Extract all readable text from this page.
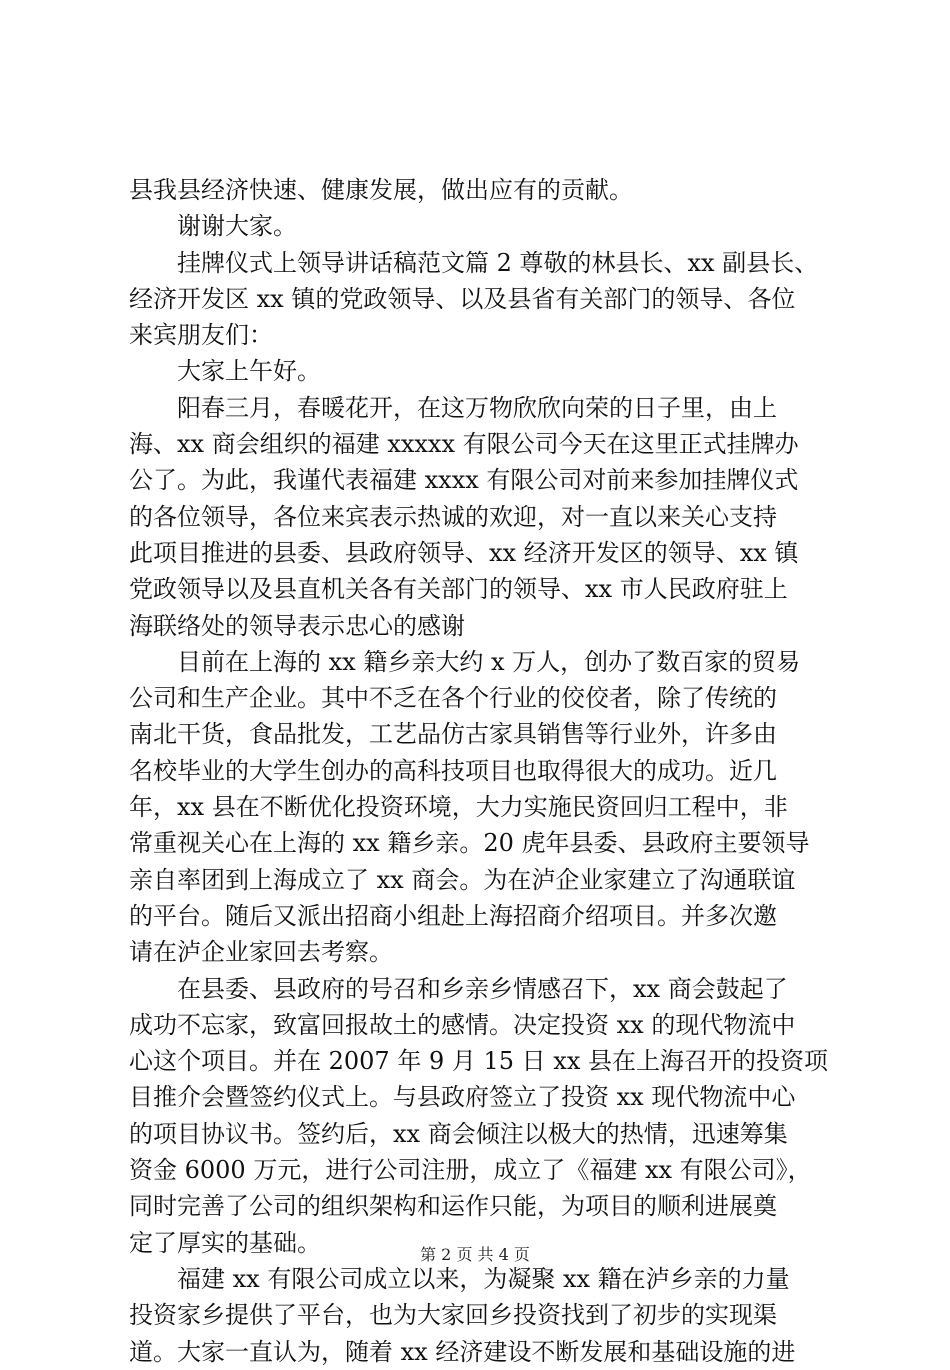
县我县经济快速、健康发展，做出应有的贡献。

　　谢谢大家。

　　挂牌仪式上领导讲话稿范文篇 2 尊敬的林县长、xx 副县长、

经济开发区 xx 镇的党政领导、以及县省有关部门的领导、各位

来宾朋友们：

　　大家上午好。

　　阳春三月，春暖花开，在这万物欣欣向荣的日子里，由上

海、xx 商会组织的福建 xxxxx 有限公司今天在这里正式挂牌办

公了。为此，我谨代表福建 xxxx 有限公司对前来参加挂牌仪式

的各位领导，各位来宾表示热诚的欢迎，对一直以来关心支持

此项目推进的县委、县政府领导、xx 经济开发区的领导、xx 镇

党政领导以及县直机关各有关部门的领导、xx 市人民政府驻上

海联络处的领导表示忠心的感谢

　　目前在上海的 xx 籍乡亲大约 x 万人，创办了数百家的贸易

公司和生产企业。其中不乏在各个行业的佼佼者，除了传统的

南北干货，食品批发，工艺品仿古家具销售等行业外，许多由

名校毕业的大学生创办的高科技项目也取得很大的成功。近几

年，xx 县在不断优化投资环境，大力实施民资回归工程中，非

常重视关心在上海的 xx 籍乡亲。20 虎年县委、县政府主要领导

亲自率团到上海成立了 xx 商会。为在泸企业家建立了沟通联谊

的平台。随后又派出招商小组赴上海招商介绍项目。并多次邀

请在泸企业家回去考察。

　　在县委、县政府的号召和乡亲乡情感召下，xx 商会鼓起了

成功不忘家，致富回报故土的感情。决定投资 xx 的现代物流中

心这个项目。并在 2007 年 9 月 15 日 xx 县在上海召开的投资项

目推介会暨签约仪式上。与县政府签立了投资 xx 现代物流中心

的项目协议书。签约后，xx 商会倾注以极大的热情，迅速筹集

资金 6000 万元，进行公司注册，成立了《福建 xx 有限公司》，

同时完善了公司的组织架构和运作只能，为项目的顺利进展奠

定了厚实的基础。

　　福建 xx 有限公司成立以来，为凝聚 xx 籍在泸乡亲的力量

投资家乡提供了平台，也为大家回乡投资找到了初步的实现渠

道。大家一直认为，随着 xx 经济建设不断发展和基础设施的进

第 2 页 共 4 页
